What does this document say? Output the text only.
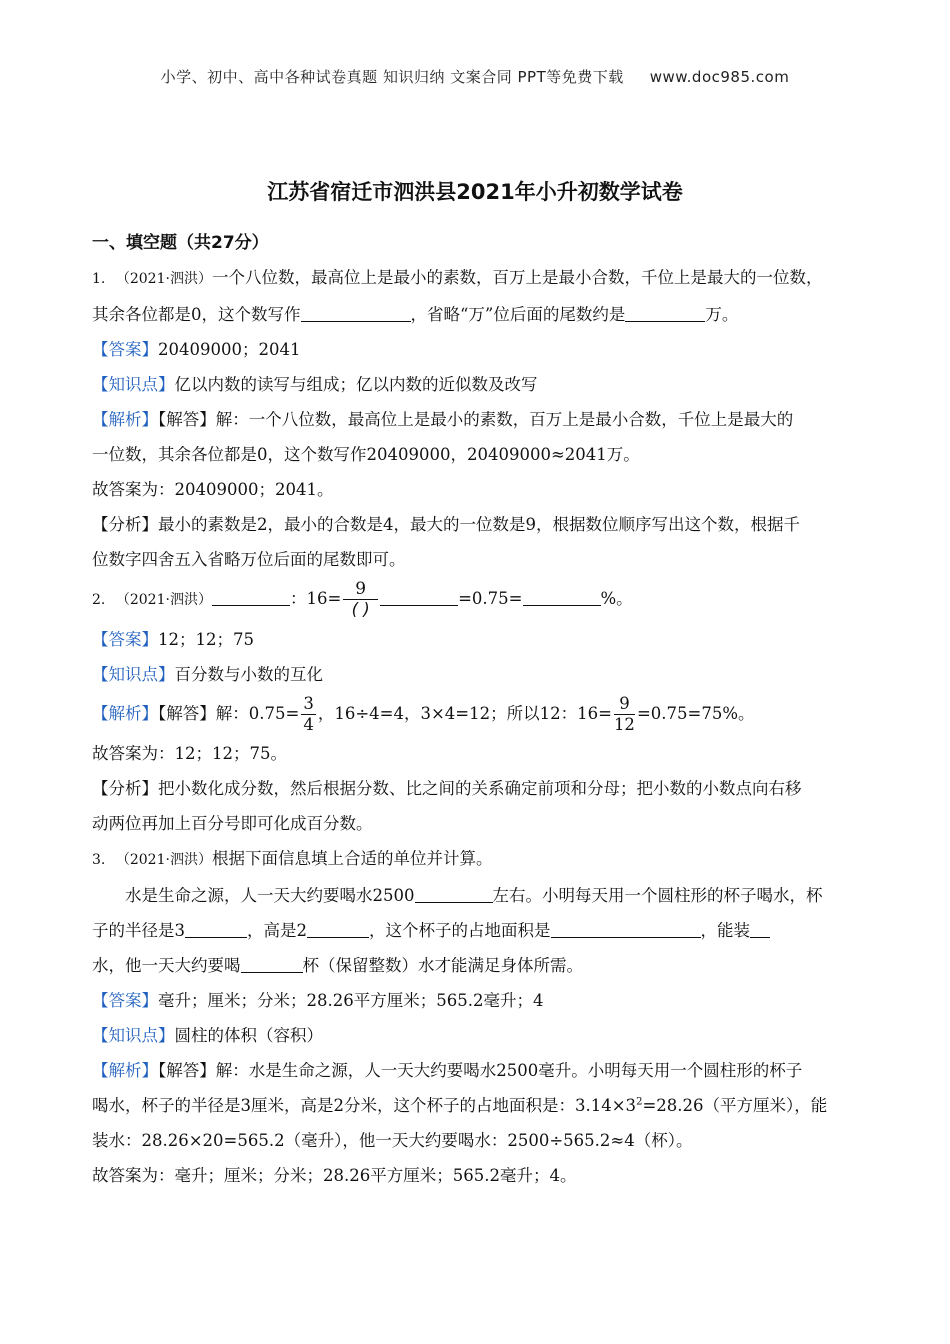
小学、初中、高中各种试卷真题 知识归纳 文案合同 PPT等免费下载 www.doc985.com
江苏省宿迁市泗洪县2021年小升初数学试卷
一、填空题（共27分）

1. （2021·泗洪）一个八位数，最高位上是最小的素数，百万上是最小合数，千位上是最大的一位数，

其余各位都是0，这个数写作	，省略“万”位后面的尾数约是	万。

【答案】20409000；2041

【知识点】亿以内数的读写与组成；亿以内数的近似数及改写

【解析】【解答】解：一个八位数，最高位上是最小的素数，百万上是最小合数，千位上是最大的

一位数，其余各位都是0，这个数写作20409000，20409000≈2041万。

故答案为：20409000；2041。

【分析】最小的素数是2，最小的合数是4，最大的一位数是9，根据数位顺序写出这个数，根据千

位数字四舍五入省略万位后面的尾数即可。

2. （2021·泗洪）	：$16= \frac{9}{( )}$	=0.75=	%。

【答案】12；12；75

【知识点】百分数与小数的互化

【解析】【解答】解：$0.75= \frac{3}{4}$ ，16÷4=4，3×4=12；所以12：$16= \frac{9}{12} =0.75=75\%$。

故答案为：12；12；75。

【分析】把小数化成分数，然后根据分数、比之间的关系确定前项和分母；把小数的小数点向右移

动两位再加上百分号即可化成百分数。

3. （2021·泗洪）根据下面信息填上合适的单位并计算。

水是生命之源，人一天大约要喝水2500	左右。小明每天用一个圆柱形的杯子喝水，杯

子的半径是3	，高是2	，这个杯子的占地面积是	，能装

水，他一天大约要喝	杯（保留整数）水才能满足身体所需。

【答案】毫升；厘米；分米；28.26平方厘米；565.2毫升；4

【知识点】圆柱的体积（容积）

【解析】【解答】解：水是生命之源，人一天大约要喝水2500毫升。小明每天用一个圆柱形的杯子

喝水，杯子的半径是3厘米，高是2分米，这个杯子的占地面积是：$3.14\times 3^2=28.26$（平方厘米），能

装水：28.26×20=565.2（毫升），他一天大约要喝水：2500÷565.2≈4（杯）。

故答案为：毫升；厘米；分米；28.26平方厘米；565.2毫升；4。
